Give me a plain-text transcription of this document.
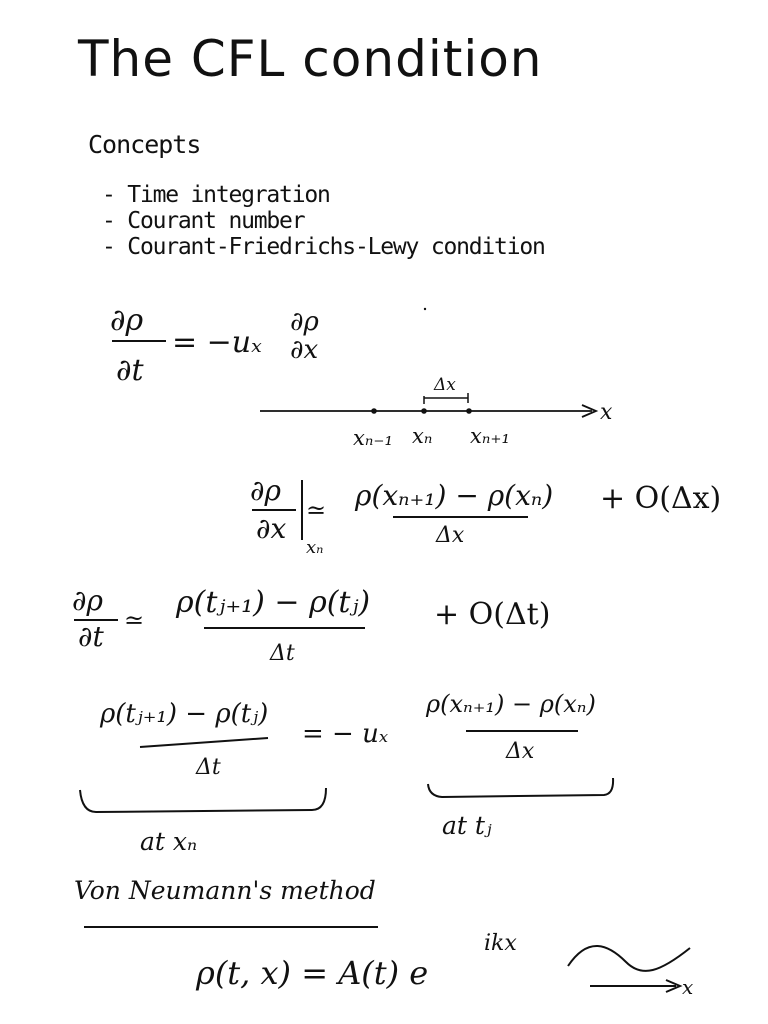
The CFL condition
Concepts
- Time integration
- Courant number
- Courant-Friedrichs-Lewy condition
∂ρ
∂t
= −uₓ
∂ρ
∂x
x
Δx
xₙ₋₁ xₙ xₙ₊₁
∂ρ
∂x
xₙ
≃ ρ(xₙ₊₁) − ρ(xₙ)
Δx
+ O(Δx)
∂ρ
∂t ≃ ρ(tⱼ₊₁) − ρ(tⱼ)
Δt
+ O(Δt)
ρ(tⱼ₊₁) − ρ(tⱼ)
Δt
= − uₓ
ρ(xₙ₊₁) − ρ(xₙ)
Δx
at xₙ
at tⱼ
ρ(t, x) = A(t) e
ikx
x
Von Neumann's method
